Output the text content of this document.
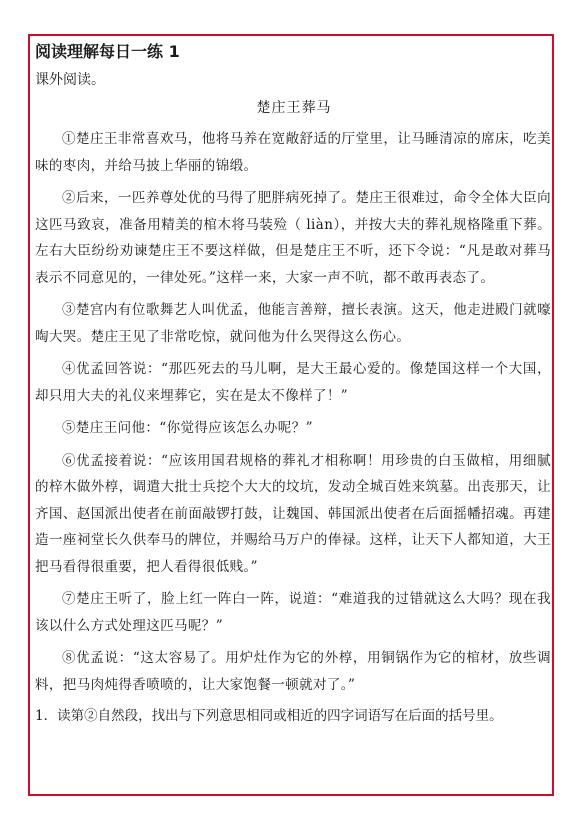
阅读理解每日一练 1
课外阅读。
楚庄王葬马

①楚庄王非常喜欢马，他将马养在宽敞舒适的厅堂里，让马睡清凉的席床，吃美味的枣肉，并给马披上华丽的锦缎。

②后来，一匹养尊处优的马得了肥胖病死掉了。楚庄王很难过，命令全体大臣向这匹马致哀，准备用精美的棺木将马装殓（ liàn），并按大夫的葬礼规格隆重下葬。左右大臣纷纷劝谏楚庄王不要这样做，但是楚庄王不听，还下令说：“凡是敢对葬马表示不同意见的，一律处死。”这样一来，大家一声不吭，都不敢再表态了。

③楚宫内有位歌舞艺人叫优孟，他能言善辩，擅长表演。这天，他走进殿门就嚎啕大哭。楚庄王见了非常吃惊，就问他为什么哭得这么伤心。

④优孟回答说：“那匹死去的马儿啊，是大王最心爱的。像楚国这样一个大国，却只用大夫的礼仪来埋葬它，实在是太不像样了！”

⑤楚庄王问他：“你觉得应该怎么办呢？”

⑥优孟接着说：“应该用国君规格的葬礼才相称啊！用珍贵的白玉做棺，用细腻的梓木做外椁，调遣大批士兵挖个大大的坟坑，发动全城百姓来筑墓。出丧那天，让齐国、赵国派出使者在前面敲锣打鼓，让魏国、韩国派出使者在后面摇幡招魂。再建造一座祠堂长久供奉马的牌位，并赐给马万户的俸禄。这样，让天下人都知道，大王把马看得很重要，把人看得很低贱。”

⑦楚庄王听了，脸上红一阵白一阵，说道：“难道我的过错就这么大吗？现在我该以什么方式处理这匹马呢？”

⑧优孟说：“这太容易了。用炉灶作为它的外椁，用铜锅作为它的棺材，放些调料，把马肉炖得香喷喷的，让大家饱餐一顿就对了。”

1．读第②自然段，找出与下列意思相同或相近的四字词语写在后面的括号里。
